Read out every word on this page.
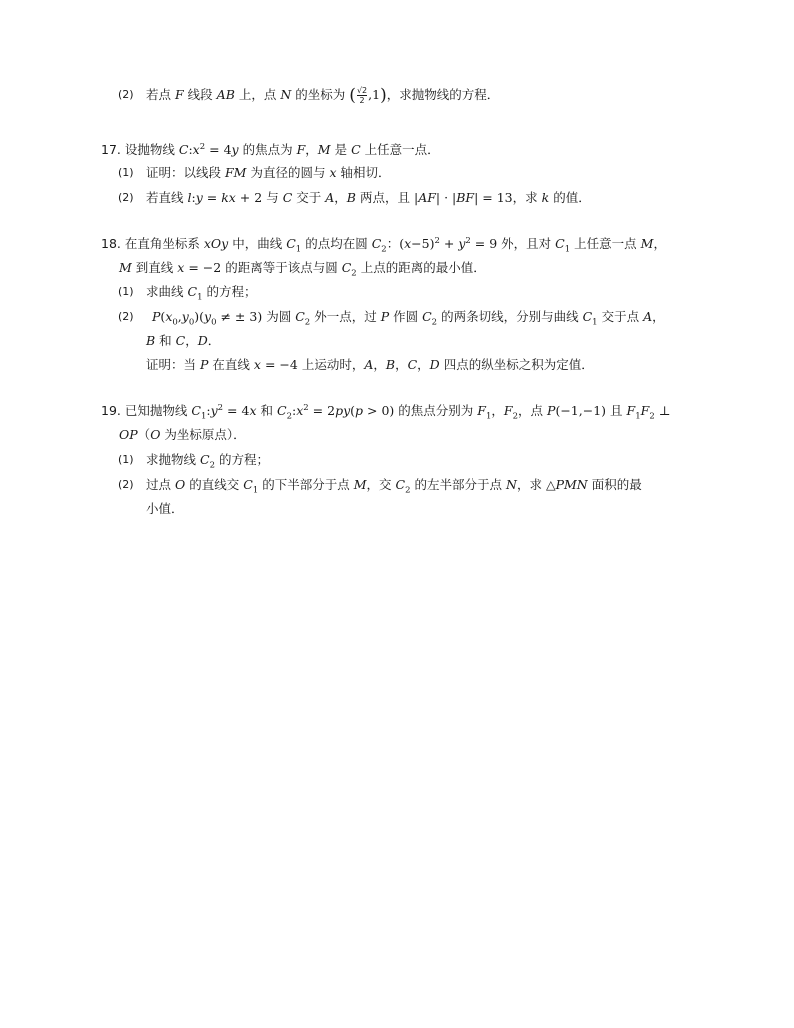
(2) 若点 F 线段 AB 上，点 N 的坐标为 $(\frac{√2}{2} ,1)$，求抛物线的方程．
17. 设抛物线 $C:x^2 = 4y$ 的焦点为 F，M 是 C 上任意一点．
(1) 证明：以线段 FM 为直径的圆与 x 轴相切．
(2) 若直线 l:y = kx + 2 与 C 交于 A，B 两点，且 |AF| · |BF| = 13，求 k 的值．
18. 在直角坐标系 xOy 中，曲线 $C_1$ 的点均在圆 $C_2$：$(x-5)^2 + y^2 = 9$ 外，且对 $C_1$ 上任意一点 M，
M 到直线 x = −2 的距离等于该点与圆 $C_2$ 上点的距离的最小值．
(1) 求曲线 $C_1$ 的方程；
(2)	$P(x_0,y_0)(y_0$ ≠ ± 3) 为圆 $C_2$ 外一点，过 P 作圆 $C_2$ 的两条切线，分别与曲线 $C_1$ 交于点 A，
B 和 C，D．
证明：当 P 在直线 x = −4 上运动时，A，B，C，D 四点的纵坐标之积为定值．
19. 已知抛物线 $C_1:y^2 = 4x$ 和 $C_2:x^2 = 2py(p > 0)$ 的焦点分别为 $F_1$，$F_2$，点 P(−1,−1) 且 $F_1F_2$ ⊥
OP（O 为坐标原点）．
(1) 求抛物线 $C_2$ 的方程；
(2) 过点 O 的直线交 $C_1$ 的下半部分于点 M，交 $C_2$ 的左半部分于点 N，求 △PMN 面积的最
小值．
